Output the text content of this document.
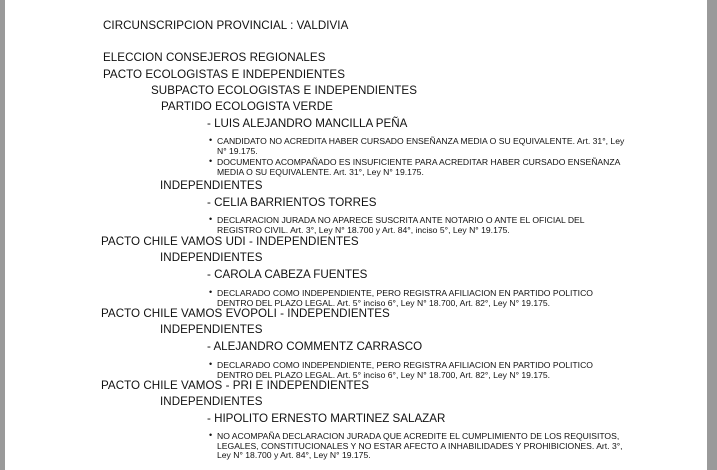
CIRCUNSCRIPCION PROVINCIAL : VALDIVIA
ELECCION CONSEJEROS REGIONALES
PACTO ECOLOGISTAS E INDEPENDIENTES
SUBPACTO ECOLOGISTAS E INDEPENDIENTES
PARTIDO ECOLOGISTA VERDE
- LUIS ALEJANDRO MANCILLA PEÑA
• CANDIDATO NO ACREDITA HABER CURSADO ENSEÑANZA MEDIA O SU EQUIVALENTE. Art. 31°, Ley N° 19.175.
• DOCUMENTO ACOMPAÑADO ES INSUFICIENTE PARA ACREDITAR HABER CURSADO ENSEÑANZA MEDIA O SU EQUIVALENTE. Art. 31°, Ley N° 19.175.
INDEPENDIENTES
- CELIA BARRIENTOS TORRES
• DECLARACION JURADA NO APARECE SUSCRITA ANTE NOTARIO O ANTE EL OFICIAL DEL REGISTRO CIVIL. Art. 3°, Ley N° 18.700 y Art. 84°, inciso 5°, Ley N° 19.175.
PACTO CHILE VAMOS UDI - INDEPENDIENTES
INDEPENDIENTES
- CAROLA CABEZA FUENTES
• DECLARADO COMO INDEPENDIENTE, PERO REGISTRA AFILIACION EN PARTIDO POLITICO DENTRO DEL PLAZO LEGAL. Art. 5° inciso 6°, Ley N° 18.700, Art. 82°, Ley N° 19.175.
PACTO CHILE VAMOS EVOPOLI - INDEPENDIENTES
INDEPENDIENTES
- ALEJANDRO COMMENTZ CARRASCO
• DECLARADO COMO INDEPENDIENTE, PERO REGISTRA AFILIACION EN PARTIDO POLITICO DENTRO DEL PLAZO LEGAL. Art. 5° inciso 6°, Ley N° 18.700, Art. 82°, Ley N° 19.175.
PACTO CHILE VAMOS - PRI E INDEPENDIENTES
INDEPENDIENTES
- HIPOLITO ERNESTO MARTINEZ SALAZAR
• NO ACOMPAÑA DECLARACION JURADA QUE ACREDITE EL CUMPLIMIENTO DE LOS REQUISITOS, LEGALES, CONSTITUCIONALES Y NO ESTAR AFECTO A INHABILIDADES Y PROHIBICIONES. Art. 3°, Ley N° 18.700 y Art. 84°, Ley N° 19.175.
